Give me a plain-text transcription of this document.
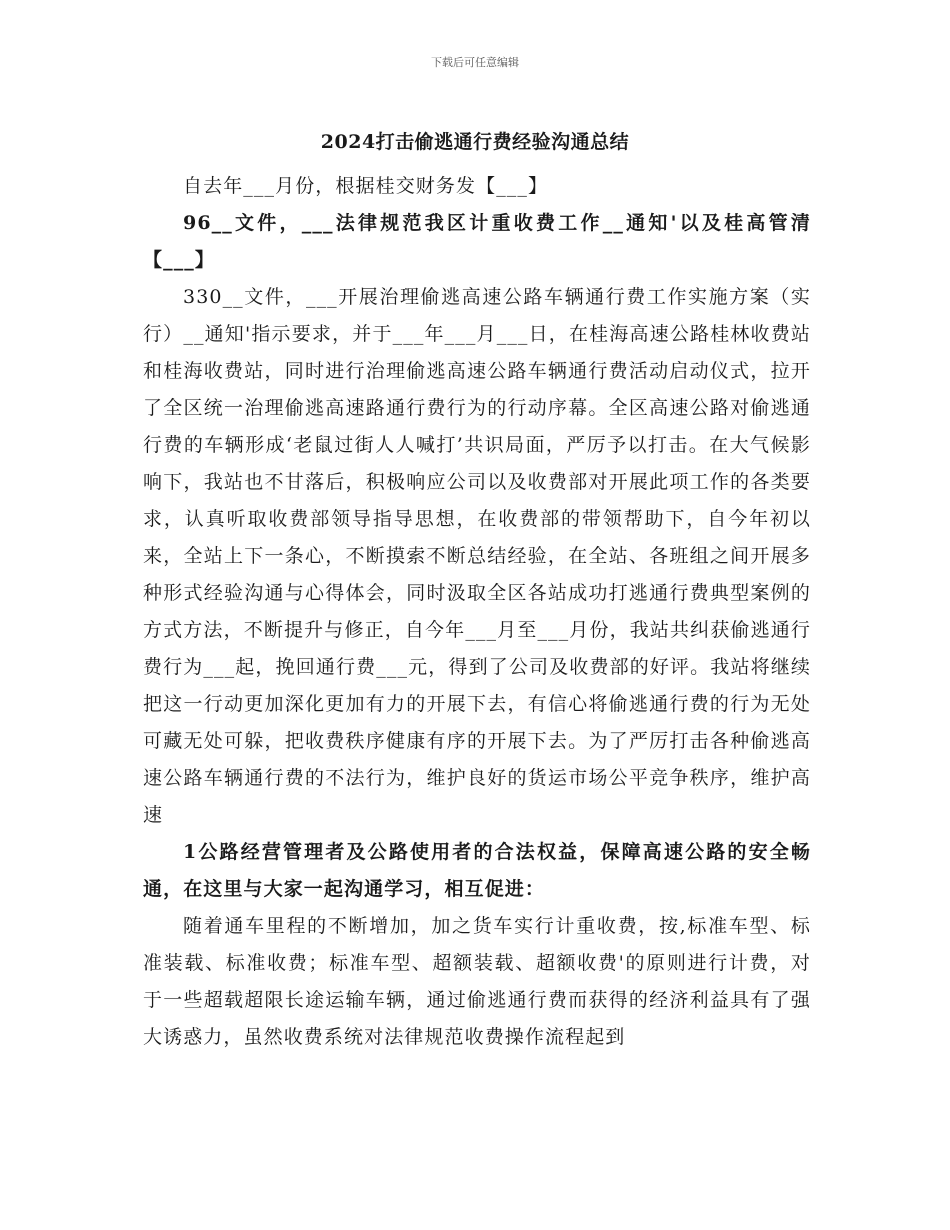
下载后可任意编辑
2024打击偷逃通行费经验沟通总结

自去年___月份，根据桂交财务发【___】

96__文件，___法律规范我区计重收费工作__通知'以及桂高管清【___】

330__文件，___开展治理偷逃高速公路车辆通行费工作实施方案（实行）__通知'指示要求，并于___年___月___日，在桂海高速公路桂林收费站和桂海收费站，同时进行治理偷逃高速公路车辆通行费活动启动仪式，拉开了全区统一治理偷逃高速路通行费行为的行动序幕。全区高速公路对偷逃通行费的车辆形成‘老鼠过街人人喊打’共识局面，严厉予以打击。在大气候影响下，我站也不甘落后，积极响应公司以及收费部对开展此项工作的各类要求，认真听取收费部领导指导思想，在收费部的带领帮助下，自今年初以来，全站上下一条心，不断摸索不断总结经验，在全站、各班组之间开展多种形式经验沟通与心得体会，同时汲取全区各站成功打逃通行费典型案例的方式方法，不断提升与修正，自今年___月至___月份，我站共纠获偷逃通行费行为___起，挽回通行费___元，得到了公司及收费部的好评。我站将继续把这一行动更加深化更加有力的开展下去，有信心将偷逃通行费的行为无处可藏无处可躲，把收费秩序健康有序的开展下去。为了严厉打击各种偷逃高速公路车辆通行费的不法行为，维护良好的货运市场公平竞争秩序，维护高速

1公路经营管理者及公路使用者的合法权益，保障高速公路的安全畅通，在这里与大家一起沟通学习，相互促进：

随着通车里程的不断增加，加之货车实行计重收费，按,标准车型、标准装载、标准收费；标准车型、超额装载、超额收费'的原则进行计费，对于一些超载超限长途运输车辆，通过偷逃通行费而获得的经济利益具有了强大诱惑力，虽然收费系统对法律规范收费操作流程起到
